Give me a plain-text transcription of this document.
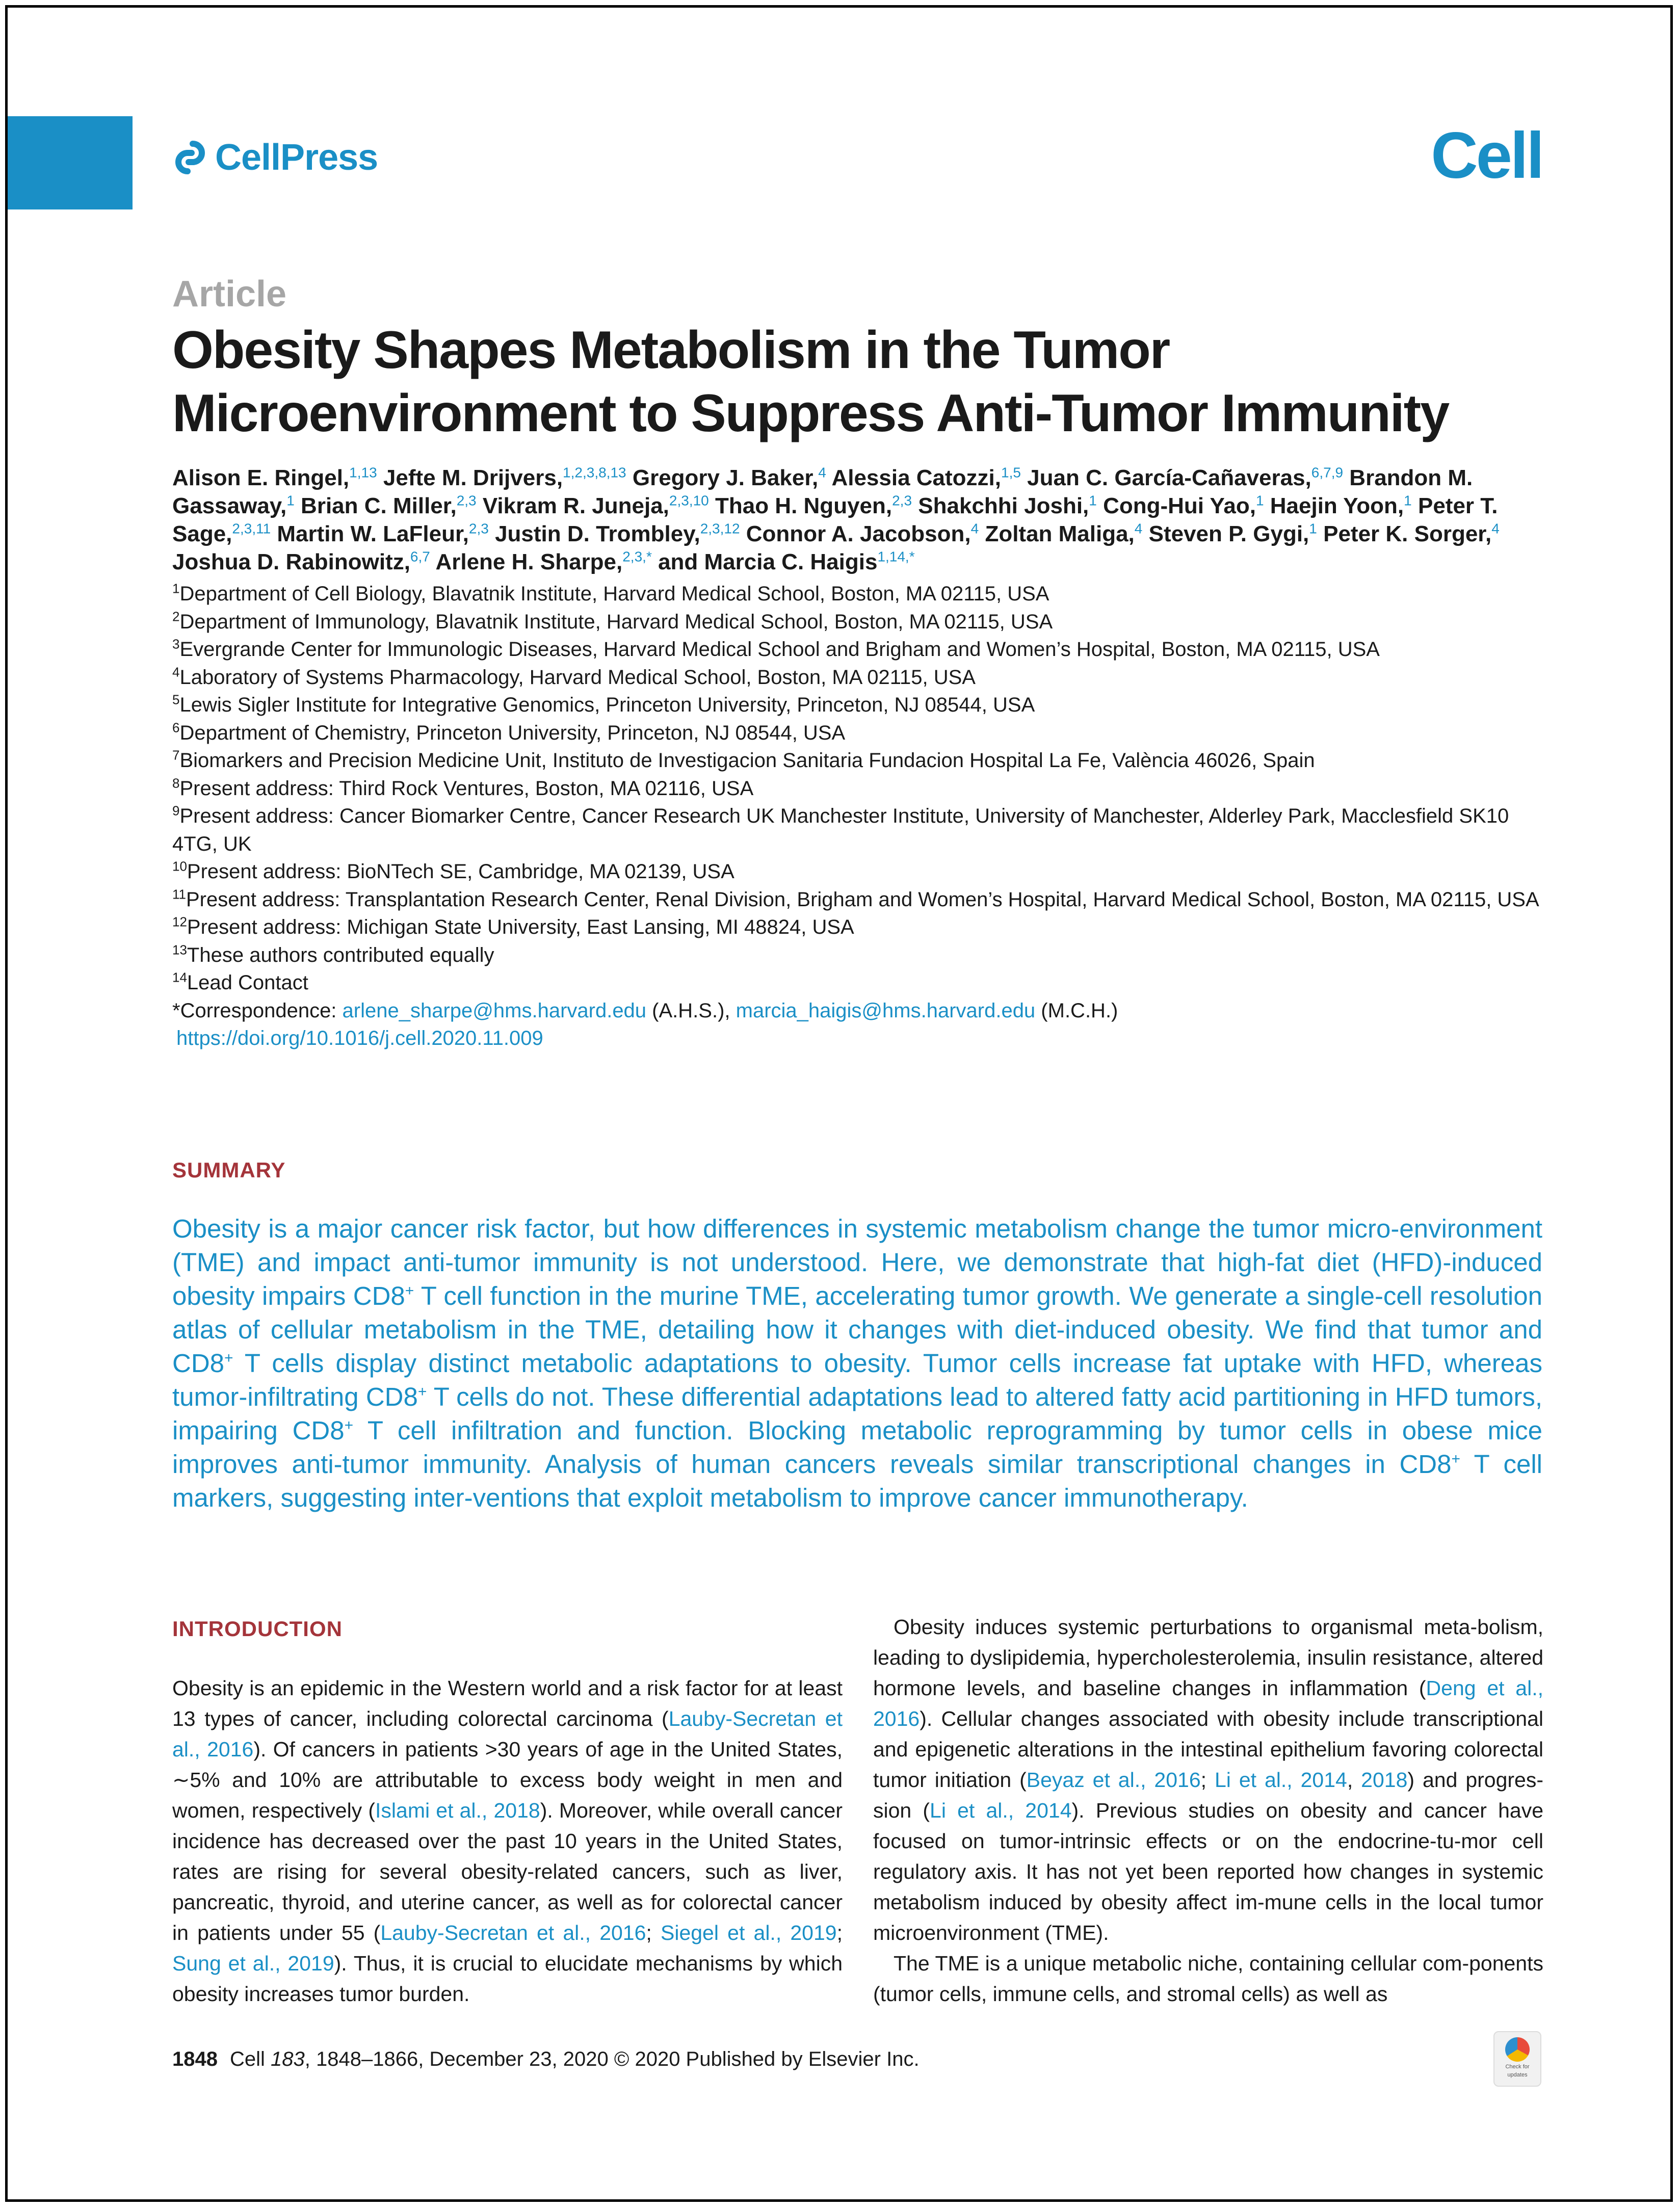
CellPress	Cell
Article
Obesity Shapes Metabolism in the Tumor
Microenvironment to Suppress Anti-Tumor Immunity
Alison E. Ringel,$^{1,13}$ Jefte M. Drijvers,$^{1,2,3,8,13}$ Gregory J. Baker,$^4$ Alessia Catozzi,$^{1,5}$ Juan C. García-Cañaveras,$^{6,7,9}$ Brandon M. Gassaway,$^1$ Brian C. Miller,$^{2,3}$ Vikram R. Juneja,$^{2,3,10}$ Thao H. Nguyen,$^{2,3}$ Shakchhi Joshi,$^1$ Cong-Hui Yao,$^1$ Haejin Yoon,$^1$ Peter T. Sage,$^{2,3,11}$ Martin W. LaFleur,$^{2,3}$ Justin D. Trombley,$^{2,3,12}$ Connor A. Jacobson,$^4$ Zoltan Maliga,$^4$ Steven P. Gygi,$^1$ Peter K. Sorger,$^4$ Joshua D. Rabinowitz,$^{6,7}$ Arlene H. Sharpe,$^{2,3,*}$ and Marcia C. Haigis$^{1,14,*}$
$^1$Department of Cell Biology, Blavatnik Institute, Harvard Medical School, Boston, MA 02115, USA
$^2$Department of Immunology, Blavatnik Institute, Harvard Medical School, Boston, MA 02115, USA
$^3$Evergrande Center for Immunologic Diseases, Harvard Medical School and Brigham and Women’s Hospital, Boston, MA 02115, USA
$^4$Laboratory of Systems Pharmacology, Harvard Medical School, Boston, MA 02115, USA
$^5$Lewis Sigler Institute for Integrative Genomics, Princeton University, Princeton, NJ 08544, USA
$^6$Department of Chemistry, Princeton University, Princeton, NJ 08544, USA
$^7$Biomarkers and Precision Medicine Unit, Instituto de Investigacion Sanitaria Fundacion Hospital La Fe, València 46026, Spain
$^8$Present address: Third Rock Ventures, Boston, MA 02116, USA
$^9$Present address: Cancer Biomarker Centre, Cancer Research UK Manchester Institute, University of Manchester, Alderley Park, Macclesfield SK10 4TG, UK
$^{10}$Present address: BioNTech SE, Cambridge, MA 02139, USA
$^{11}$Present address: Transplantation Research Center, Renal Division, Brigham and Women’s Hospital, Harvard Medical School, Boston, MA 02115, USA
$^{12}$Present address: Michigan State University, East Lansing, MI 48824, USA
$^{13}$These authors contributed equally
$^{14}$Lead Contact
*Correspondence: arlene_sharpe@hms.harvard.edu (A.H.S.), marcia_haigis@hms.harvard.edu (M.C.H.)
https://doi.org/10.1016/j.cell.2020.11.009
SUMMARY
Obesity is a major cancer risk factor, but how differences in systemic metabolism change the tumor micro-environment (TME) and impact anti-tumor immunity is not understood. Here, we demonstrate that high-fat diet (HFD)-induced obesity impairs CD8+ T cell function in the murine TME, accelerating tumor growth. We generate a single-cell resolution atlas of cellular metabolism in the TME, detailing how it changes with diet-induced obesity. We find that tumor and CD8+ T cells display distinct metabolic adaptations to obesity. Tumor cells increase fat uptake with HFD, whereas tumor-infiltrating CD8+ T cells do not. These differential adaptations lead to altered fatty acid partitioning in HFD tumors, impairing CD8+ T cell infiltration and function. Blocking metabolic reprogramming by tumor cells in obese mice improves anti-tumor immunity. Analysis of human cancers reveals similar transcriptional changes in CD8+ T cell markers, suggesting inter-ventions that exploit metabolism to improve cancer immunotherapy.
INTRODUCTION

Obesity is an epidemic in the Western world and a risk factor for at least 13 types of cancer, including colorectal carcinoma (Lauby-Secretan et al., 2016). Of cancers in patients >30 years of age in the United States, ∼5% and 10% are attributable to excess body weight in men and women, respectively (Islami et al., 2018). Moreover, while overall cancer incidence has decreased over the past 10 years in the United States, rates are rising for several obesity-related cancers, such as liver, pancreatic, thyroid, and uterine cancer, as well as for colorectal cancer in patients under 55 (Lauby-Secretan et al., 2016; Siegel et al., 2019; Sung et al., 2019). Thus, it is crucial to elucidate mechanisms by which obesity increases tumor burden.

Obesity induces systemic perturbations to organismal meta-bolism, leading to dyslipidemia, hypercholesterolemia, insulin resistance, altered hormone levels, and baseline changes in inflammation (Deng et al., 2016). Cellular changes associated with obesity include transcriptional and epigenetic alterations in the intestinal epithelium favoring colorectal tumor initiation (Beyaz et al., 2016; Li et al., 2014, 2018) and progres-sion (Li et al., 2014). Previous studies on obesity and cancer have focused on tumor-intrinsic effects or on the endocrine-tu-mor cell regulatory axis. It has not yet been reported how changes in systemic metabolism induced by obesity affect im-mune cells in the local tumor microenvironment (TME).

The TME is a unique metabolic niche, containing cellular com-ponents (tumor cells, immune cells, and stromal cells) as well as

1848 Cell 183, 1848–1866, December 23, 2020 © 2020 Published by Elsevier Inc.	Check for
updates
